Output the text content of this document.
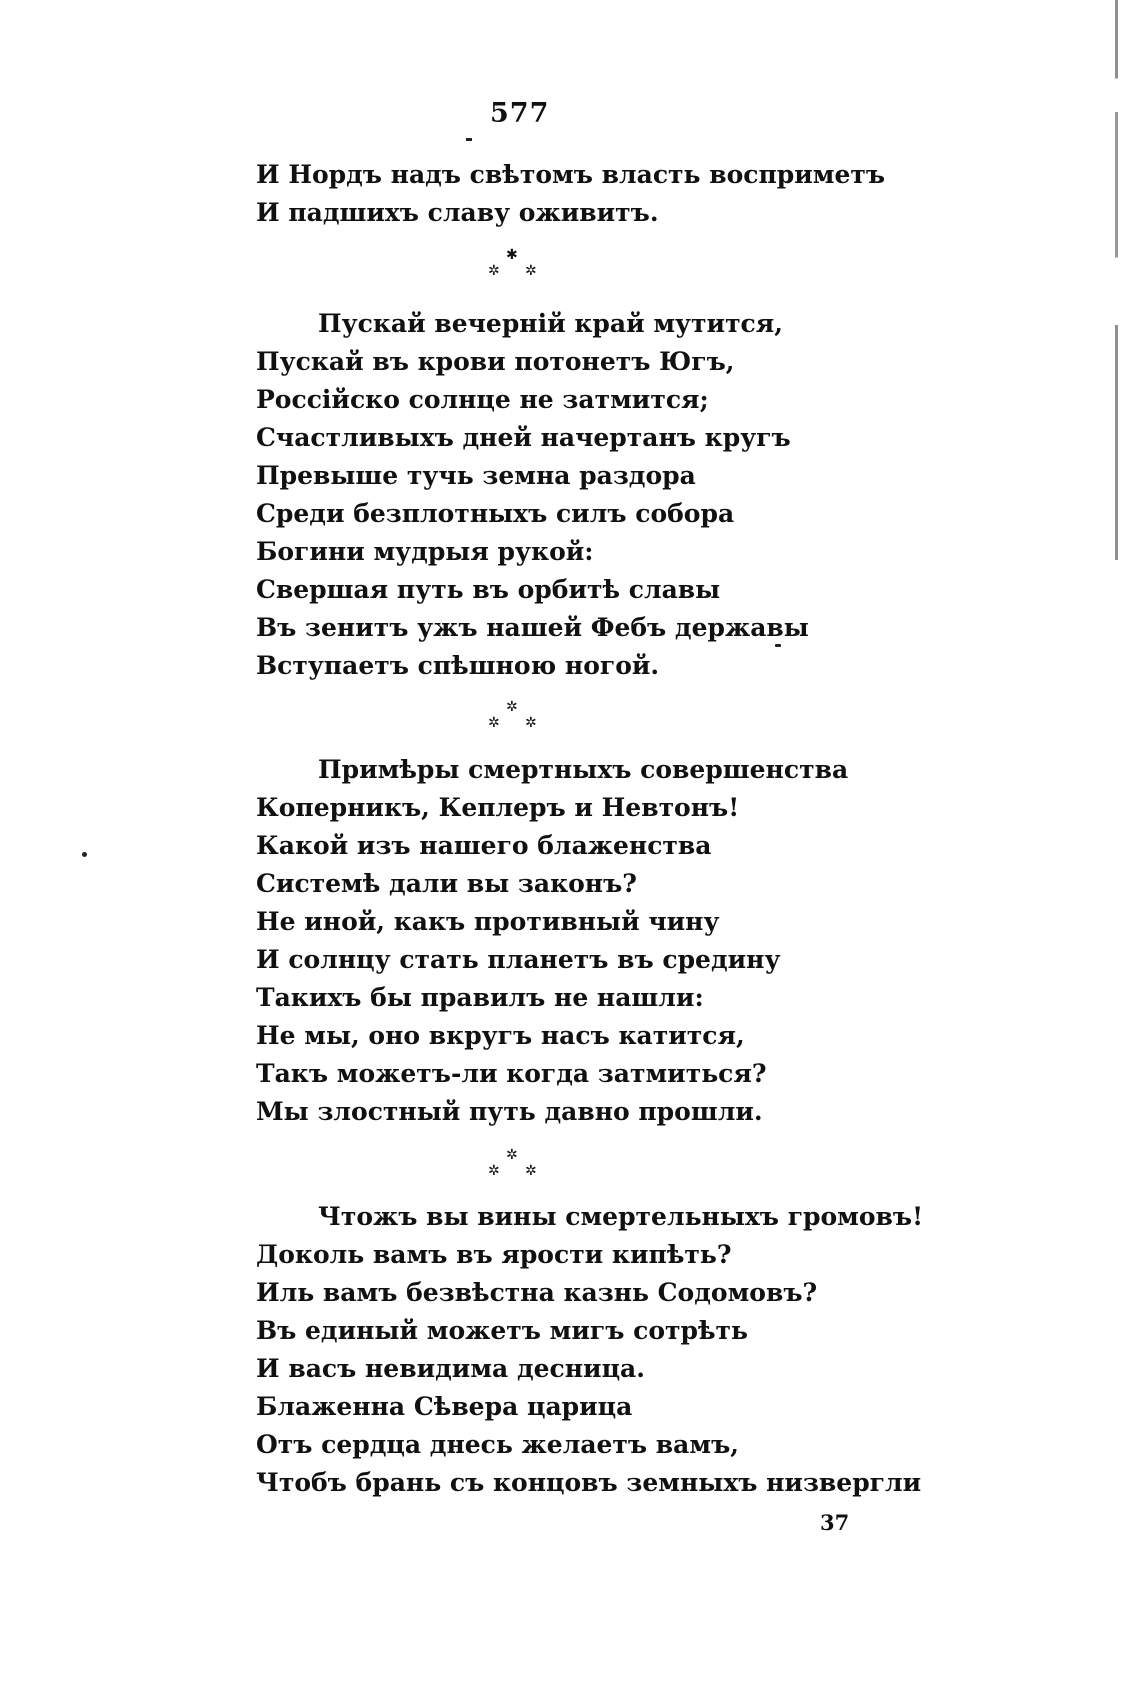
577
И Нордъ надъ свѣтомъ власть восприметъ
И падшихъ славу оживитъ.
✱
✲ ✲
Пускай вечерній край мутится,
Пускай въ крови потонетъ Югъ,
Россійско солнце не затмится;
Счастливыхъ дней начертанъ кругъ
Превыше тучь земна раздора
Среди безплотныхъ силъ собора
Богини мудрыя рукой:
Свершая путь въ орбитѣ славы
Въ зенитъ ужъ нашей Фебъ державы
Вступаетъ спѣшною ногой.
✲
✲ ✲
Примѣры смертныхъ совершенства
Коперникъ, Кеплеръ и Невтонъ!
Какой изъ нашего блаженства
Системѣ дали вы законъ?
Не иной, какъ противный чину
И солнцу стать планетъ въ средину
Такихъ бы правилъ не нашли:
Не мы, оно вкругъ насъ катится,
Такъ можетъ-ли когда затмиться?
Мы злостный путь давно прошли.
✲
✲ ✲
Чтожъ вы вины смертельныхъ громовъ!
Доколь вамъ въ ярости кипѣть?
Иль вамъ безвѣстна казнь Содомовъ?
Въ единый можетъ мигъ сотрѣть
И васъ невидима десница.
Блаженна Сѣвера царица
Отъ сердца днесь желаетъ вамъ,
Чтобъ брань съ концовъ земныхъ низвергли
37
